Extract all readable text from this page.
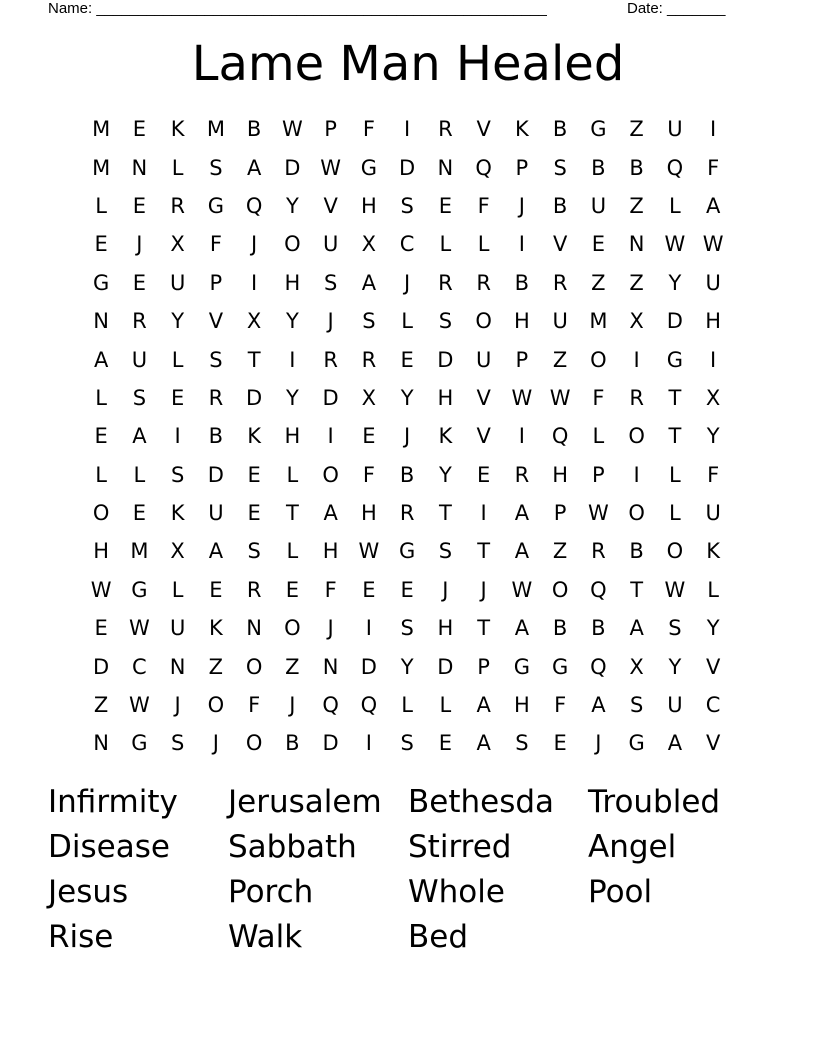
Name: ______________________________________________________	Date: _______
Lame Man Healed
M	E	K	M	B W	P	F	I	R	V	K	B	G	Z	U	I
M	N	L	S	A	D W G	D	N	Q	P	S	B	B	Q	F
L	E	R	G	Q	Y	V	H	S	E	F	J	B	U	Z	L	A
E	J	X	F	J	O	U	X	C	L	L	I	V	E	N W W
G	E	U	P	I	H	S	A	J	R	R	B	R	Z	Z	Y	U
N	R	Y	V	X	Y	J	S	L	S	O	H	U	M	X	D	H
A	U	L	S	T	I	R	R	E	D	U	P	Z	O	I	G	I
L	S	E	R	D	Y	D	X	Y	H	V W W	F	R	T	X
E	A	I	B	K	H	I	E	J	K	V	I	Q	L	O	T	Y
L	L	S	D	E	L	O	F	B	Y	E	R	H	P	I	L	F
O	E	K	U	E	T	A	H	R	T	I	A	P	W O	L	U
H	M	X	A	S	L	H W G	S	T	A	Z	R	B	O	K
W G	L	E	R	E	F	E	E	J	J	W O	Q	T	W	L
E	W U	K	N	O	J	I	S	H	T	A	B	B	A	S	Y
D	C	N	Z	O	Z	N	D	Y	D	P	G	G	Q	X	Y	V
Z W	J	O	F	J	Q	Q	L	L	A	H	F	A	S	U	C
N	G	S	J	O	B	D	I	S	E	A	S	E	J	G	A	V
Infirmity	Jerusalem Bethesda	Troubled
Disease	Sabbath	Stirred	Angel
Jesus	Porch	Whole	Pool
Rise	Walk	Bed
